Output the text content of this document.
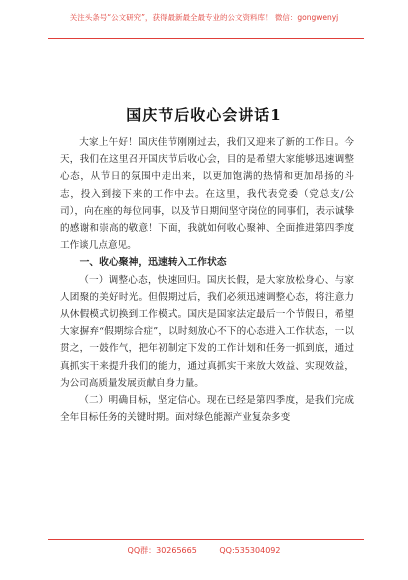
关注头条号“公文研究”，获得最新最全最专业的公文资料库！ 微信：gongwenyj
国庆节后收心会讲话1

大家上午好！国庆佳节刚刚过去，我们又迎来了新的工作日。今天，我们在这里召开国庆节后收心会，目的是希望大家能够迅速调整心态，从节日的氛围中走出来，以更加饱满的热情和更加昂扬的斗志，投入到接下来的工作中去。在这里，我代表党委（党总支/公司），向在座的每位同事，以及节日期间坚守岗位的同事们，表示诚挚的感谢和崇高的敬意！下面，我就如何收心聚神、全面推进第四季度工作谈几点意见。

一、收心聚神，迅速转入工作状态

（一）调整心态，快速回归。国庆长假，是大家放松身心、与家人团聚的美好时光。但假期过后，我们必须迅速调整心态，将注意力从休假模式切换到工作模式。国庆是国家法定最后一个节假日，希望大家摒弃“假期综合症”，以时刻放心不下的心态进入工作状态，一以贯之，一鼓作气，把年初制定下发的工作计划和任务一抓到底，通过真抓实干来提升我们的能力，通过真抓实干来放大效益、实现效益，为公司高质量发展贡献自身力量。

（二）明确目标，坚定信心。现在已经是第四季度，是我们完成全年目标任务的关键时期。面对绿色能源产业复杂多变

QQ群：30265665	QQ:535304092
